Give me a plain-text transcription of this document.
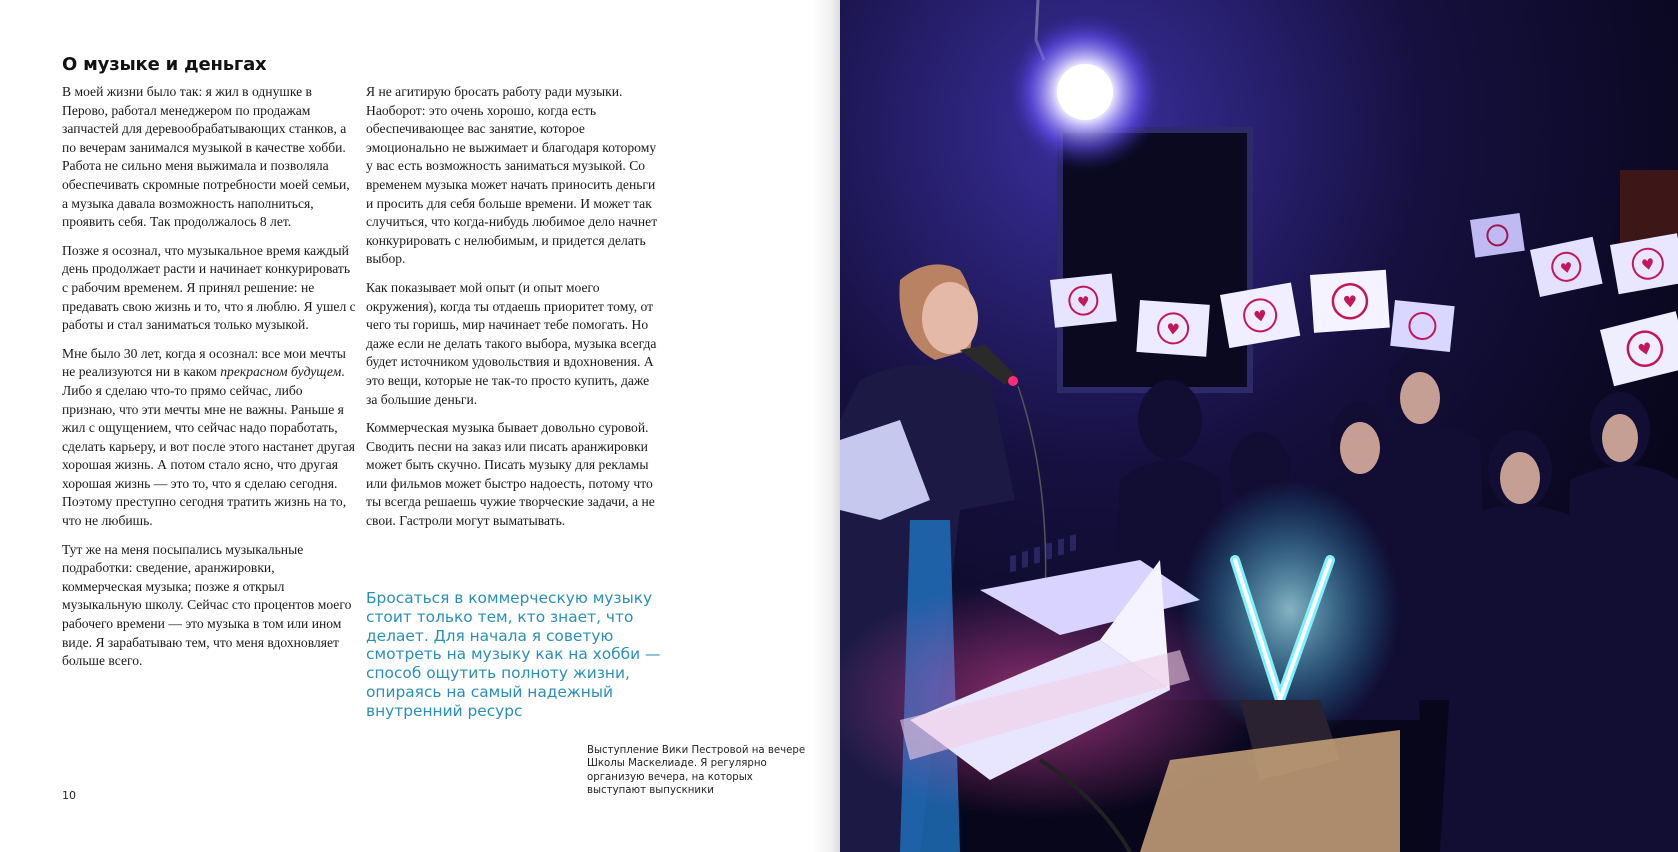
О музыке и деньгах

В моей жизни было так: я жил в однушке в Перово, работал менеджером по продажам запчастей для деревообрабатывающих станков, а по вечерам занимался музыкой в качестве хобби. Работа не сильно меня выжимала и позволяла обеспечивать скромные потребности моей семьи, а музыка давала возможность наполниться, проявить себя. Так продолжалось 8 лет.

Позже я осознал, что музыкальное время каждый день продолжает расти и начинает конкурировать с рабочим временем. Я принял решение: не предавать свою жизнь и то, что я люблю. Я ушел с работы и стал заниматься только музыкой.

Мне было 30 лет, когда я осознал: все мои мечты не реализуются ни в каком прекрасном будущем. Либо я сделаю что-то прямо сейчас, либо признаю, что эти мечты мне не важны. Раньше я жил с ощущением, что сейчас надо поработать, сделать карьеру, и вот после этого настанет другая хорошая жизнь. А потом стало ясно, что другая хорошая жизнь — это то, что я сделаю сегодня. Поэтому преступно сегодня тратить жизнь на то, что не любишь.

Тут же на меня посыпались музыкальные подработки: сведение, аранжировки, коммерческая музыка; позже я открыл музыкальную школу. Сейчас сто процентов моего рабочего времени — это музыка в том или ином виде. Я зарабатываю тем, что меня вдохновляет больше всего.

Я не агитирую бросать работу ради музыки. Наоборот: это очень хорошо, когда есть обеспечивающее вас занятие, которое эмоционально не выжимает и благодаря которому у вас есть возможность заниматься музыкой. Со временем музыка может начать приносить деньги и просить для себя больше времени. И может так случиться, что когда-нибудь любимое дело начнет конкурировать с нелюбимым, и придется делать выбор.

Как показывает мой опыт (и опыт моего окружения), когда ты отдаешь приоритет тому, от чего ты горишь, мир начинает тебе помогать. Но даже если не делать такого выбора, музыка всегда будет источником удовольствия и вдохновения. А это вещи, которые не так-то просто купить, даже за большие деньги.

Коммерческая музыка бывает довольно суровой. Сводить песни на заказ или писать аранжировки может быть скучно. Писать музыку для рекламы или фильмов может быстро надоесть, потому что ты всегда решаешь чужие творческие задачи, а не свои. Гастроли могут выматывать.

Бросаться в коммерческую музыку стоит только тем, кто знает, что делает. Для начала я советую смотреть на музыку как на хобби — способ ощутить полноту жизни, опираясь на самый надежный внутренний ресурс
Выступление Вики Пестровой на вечере Школы Маскелиаде. Я регулярно организую вечера, на которых выступают выпускники
10
♥
♥
♥
♥
♥
♥
♥
